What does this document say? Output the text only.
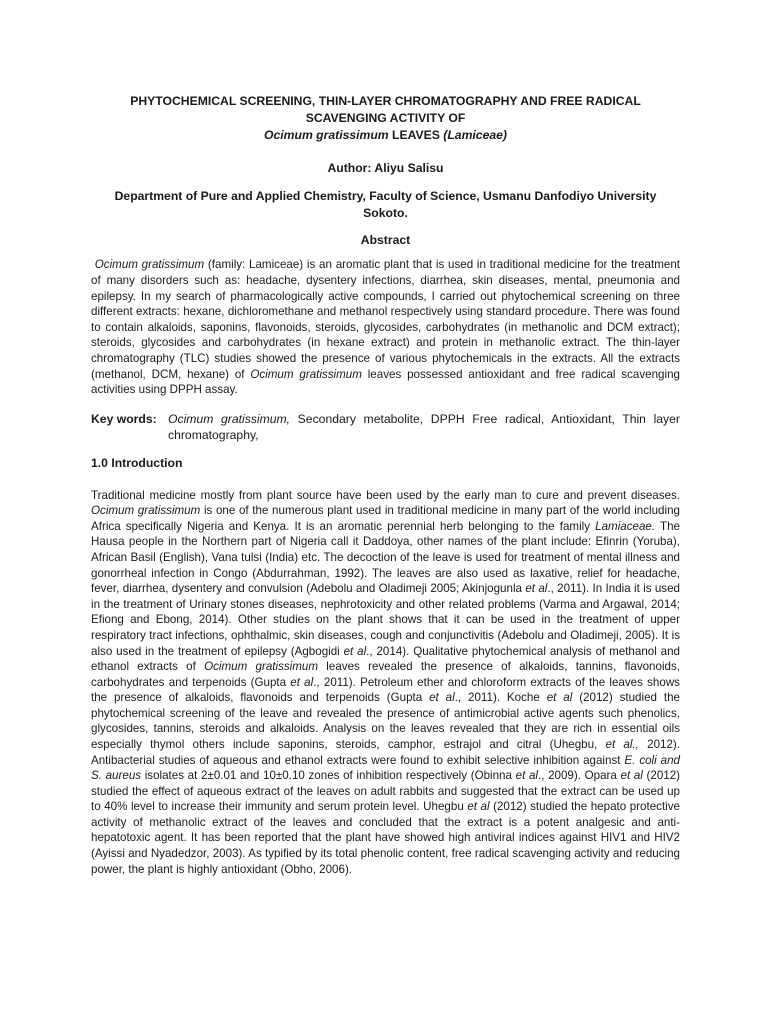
PHYTOCHEMICAL SCREENING, THIN-LAYER CHROMATOGRAPHY AND FREE RADICAL SCAVENGING ACTIVITY OF
Ocimum gratissimum LEAVES (Lamiceae)

Author: Aliyu Salisu

Department of Pure and Applied Chemistry, Faculty of Science, Usmanu Danfodiyo University Sokoto.

Abstract

Ocimum gratissimum (family: Lamiceae) is an aromatic plant that is used in traditional medicine for the treatment of many disorders such as: headache, dysentery infections, diarrhea, skin diseases, mental, pneumonia and epilepsy. In my search of pharmacologically active compounds, I carried out phytochemical screening on three different extracts: hexane, dichloromethane and methanol respectively using standard procedure. There was found to contain alkaloids, saponins, flavonoids, steroids, glycosides, carbohydrates (in methanolic and DCM extract); steroids, glycosides and carbohydrates (in hexane extract) and protein in methanolic extract. The thin-layer chromatography (TLC) studies showed the presence of various phytochemicals in the extracts. All the extracts (methanol, DCM, hexane) of Ocimum gratissimum leaves possessed antioxidant and free radical scavenging activities using DPPH assay.

Key words: Ocimum gratissimum, Secondary metabolite, DPPH Free radical, Antioxidant, Thin layer chromatography,

1.0 Introduction

Traditional medicine mostly from plant source have been used by the early man to cure and prevent diseases. Ocimum gratissimum is one of the numerous plant used in traditional medicine in many part of the world including Africa specifically Nigeria and Kenya. It is an aromatic perennial herb belonging to the family Lamiaceae. The Hausa people in the Northern part of Nigeria call it Daddoya, other names of the plant include: Efinrin (Yoruba), African Basil (English), Vana tulsi (India) etc. The decoction of the leave is used for treatment of mental illness and gonorrheal infection in Congo (Abdurrahman, 1992). The leaves are also used as laxative, relief for headache, fever, diarrhea, dysentery and convulsion (Adebolu and Oladimeji 2005; Akinjogunla et al., 2011). In India it is used in the treatment of Urinary stones diseases, nephrotoxicity and other related problems (Varma and Argawal, 2014; Efiong and Ebong, 2014). Other studies on the plant shows that it can be used in the treatment of upper respiratory tract infections, ophthalmic, skin diseases, cough and conjunctivitis (Adebolu and Oladimeji, 2005). It is also used in the treatment of epilepsy (Agbogidi et al., 2014). Qualitative phytochemical analysis of methanol and ethanol extracts of Ocimum gratissimum leaves revealed the presence of alkaloids, tannins, flavonoids, carbohydrates and terpenoids (Gupta et al., 2011). Petroleum ether and chloroform extracts of the leaves shows the presence of alkaloids, flavonoids and terpenoids (Gupta et al., 2011). Koche et al (2012) studied the phytochemical screening of the leave and revealed the presence of antimicrobial active agents such phenolics, glycosides, tannins, steroids and alkaloids. Analysis on the leaves revealed that they are rich in essential oils especially thymol others include saponins, steroids, camphor, estrajol and citral (Uhegbu, et al., 2012). Antibacterial studies of aqueous and ethanol extracts were found to exhibit selective inhibition against E. coli and S. aureus isolates at 2±0.01 and 10±0.10 zones of inhibition respectively (Obinna et al., 2009). Opara et al (2012) studied the effect of aqueous extract of the leaves on adult rabbits and suggested that the extract can be used up to 40% level to increase their immunity and serum protein level. Uhegbu et al (2012) studied the hepato protective activity of methanolic extract of the leaves and concluded that the extract is a potent analgesic and anti-hepatotoxic agent. It has been reported that the plant have showed high antiviral indices against HIV1 and HIV2 (Ayissi and Nyadedzor, 2003). As typified by its total phenolic content, free radical scavenging activity and reducing power, the plant is highly antioxidant (Obho, 2006).
